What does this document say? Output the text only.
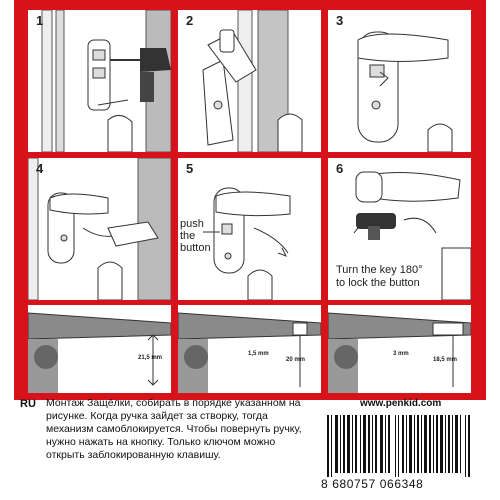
1	2	3
4	5
push
the
button
6
Turn the key 180°
to lock the button
21,5 mm
1,5 mm
20 mm
3 mm
18,5 mm
RU Монтаж Защёлки, собирать в порядке указанном на рисунке. Когда ручка зайдет за створку, тогда механизм самоблокируется. Чтобы повернуть ручку, нужно нажать на кнопку. Только ключом можно открыть заблокированную клавишу.
www.penkid.com
8 680757 066348
